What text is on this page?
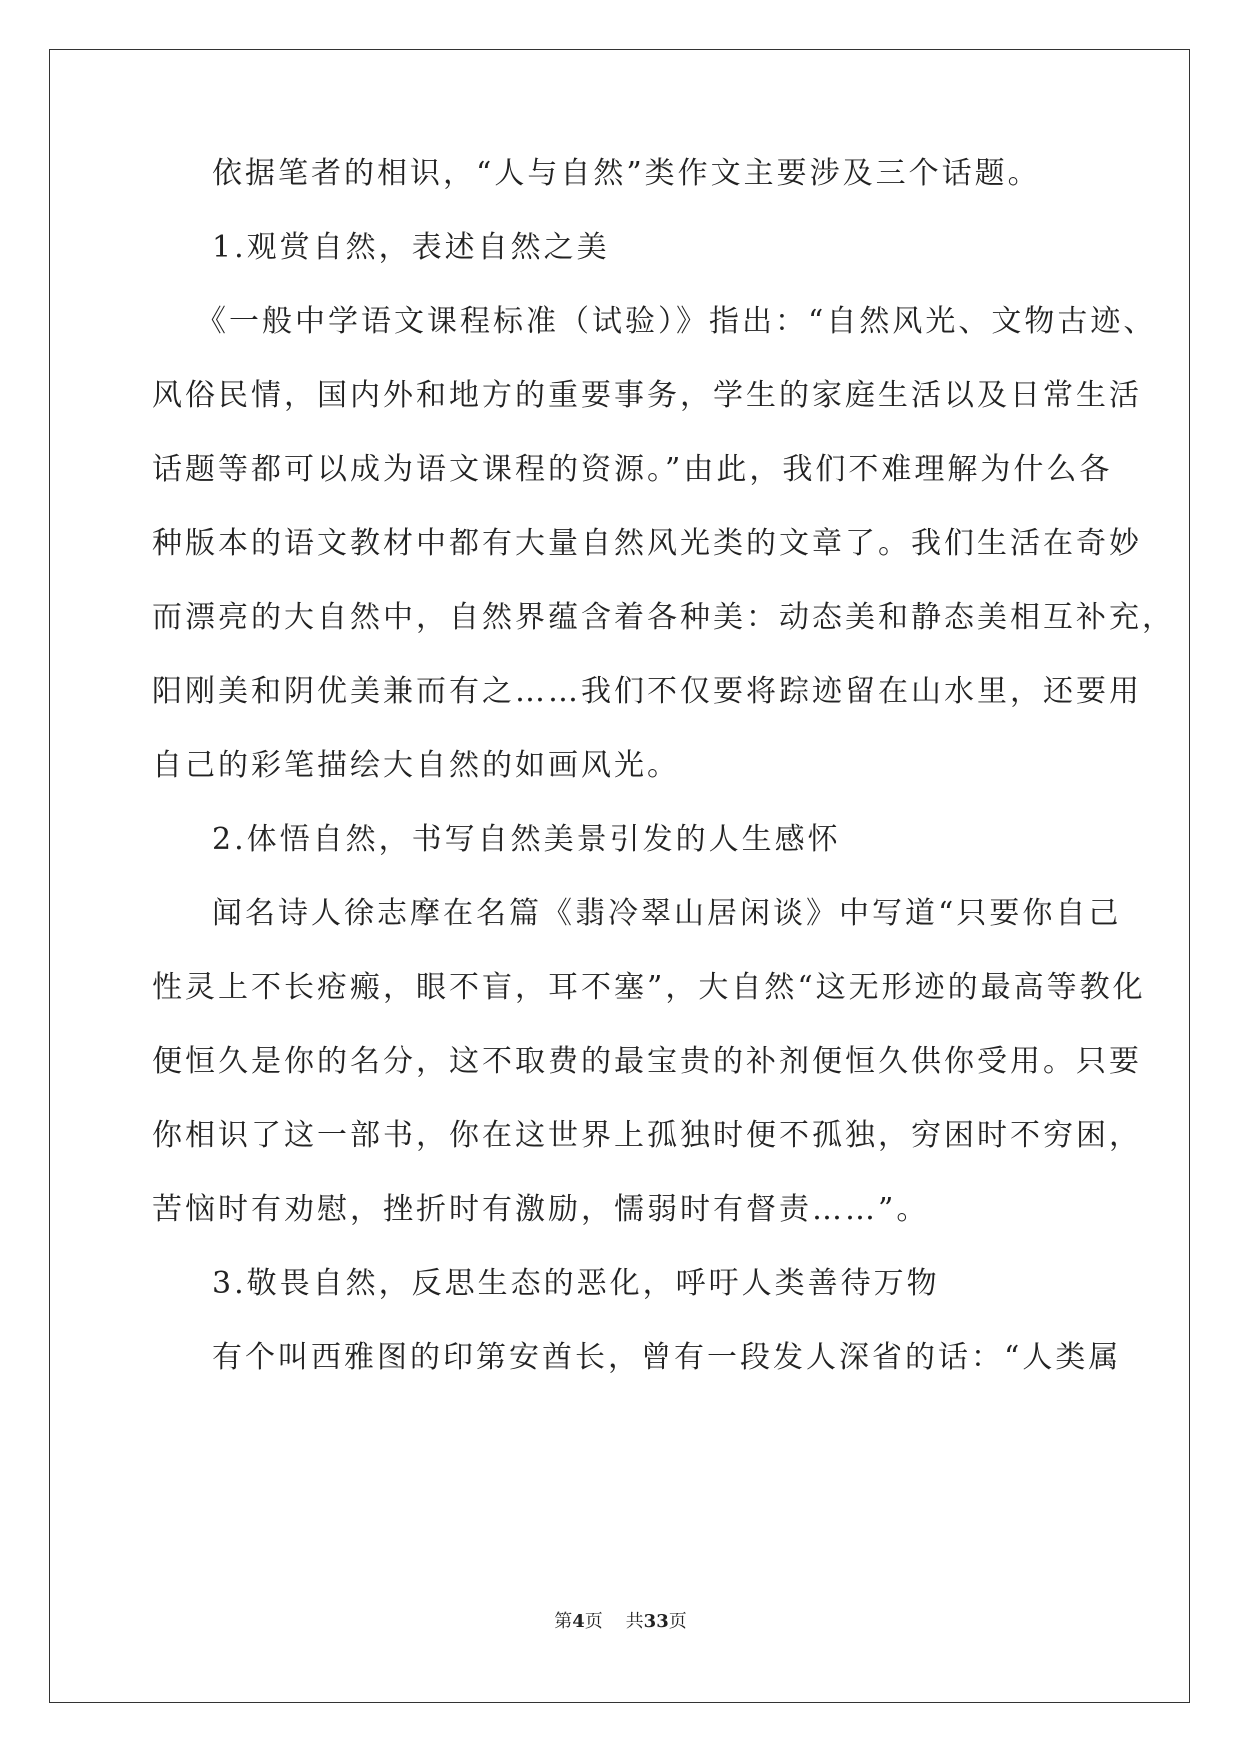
依据笔者的相识，“人与自然”类作文主要涉及三个话题。
1.观赏自然，表述自然之美
《一般中学语文课程标准（试验）》指出：“自然风光、文物古迹、
风俗民情，国内外和地方的重要事务，学生的家庭生活以及日常生活
话题等都可以成为语文课程的资源。”由此，我们不难理解为什么各
种版本的语文教材中都有大量自然风光类的文章了。我们生活在奇妙
而漂亮的大自然中，自然界蕴含着各种美：动态美和静态美相互补充，
阳刚美和阴优美兼而有之……我们不仅要将踪迹留在山水里，还要用
自己的彩笔描绘大自然的如画风光。
2.体悟自然，书写自然美景引发的人生感怀
闻名诗人徐志摩在名篇《翡冷翠山居闲谈》中写道“只要你自己
性灵上不长疮瘢，眼不盲，耳不塞”，大自然“这无形迹的最高等教化
便恒久是你的名分，这不取费的最宝贵的补剂便恒久供你受用。只要
你相识了这一部书，你在这世界上孤独时便不孤独，穷困时不穷困，
苦恼时有劝慰，挫折时有激励，懦弱时有督责……”。
3.敬畏自然，反思生态的恶化，呼吁人类善待万物
有个叫西雅图的印第安酋长，曾有一段发人深省的话：“人类属
第4页 共33页
